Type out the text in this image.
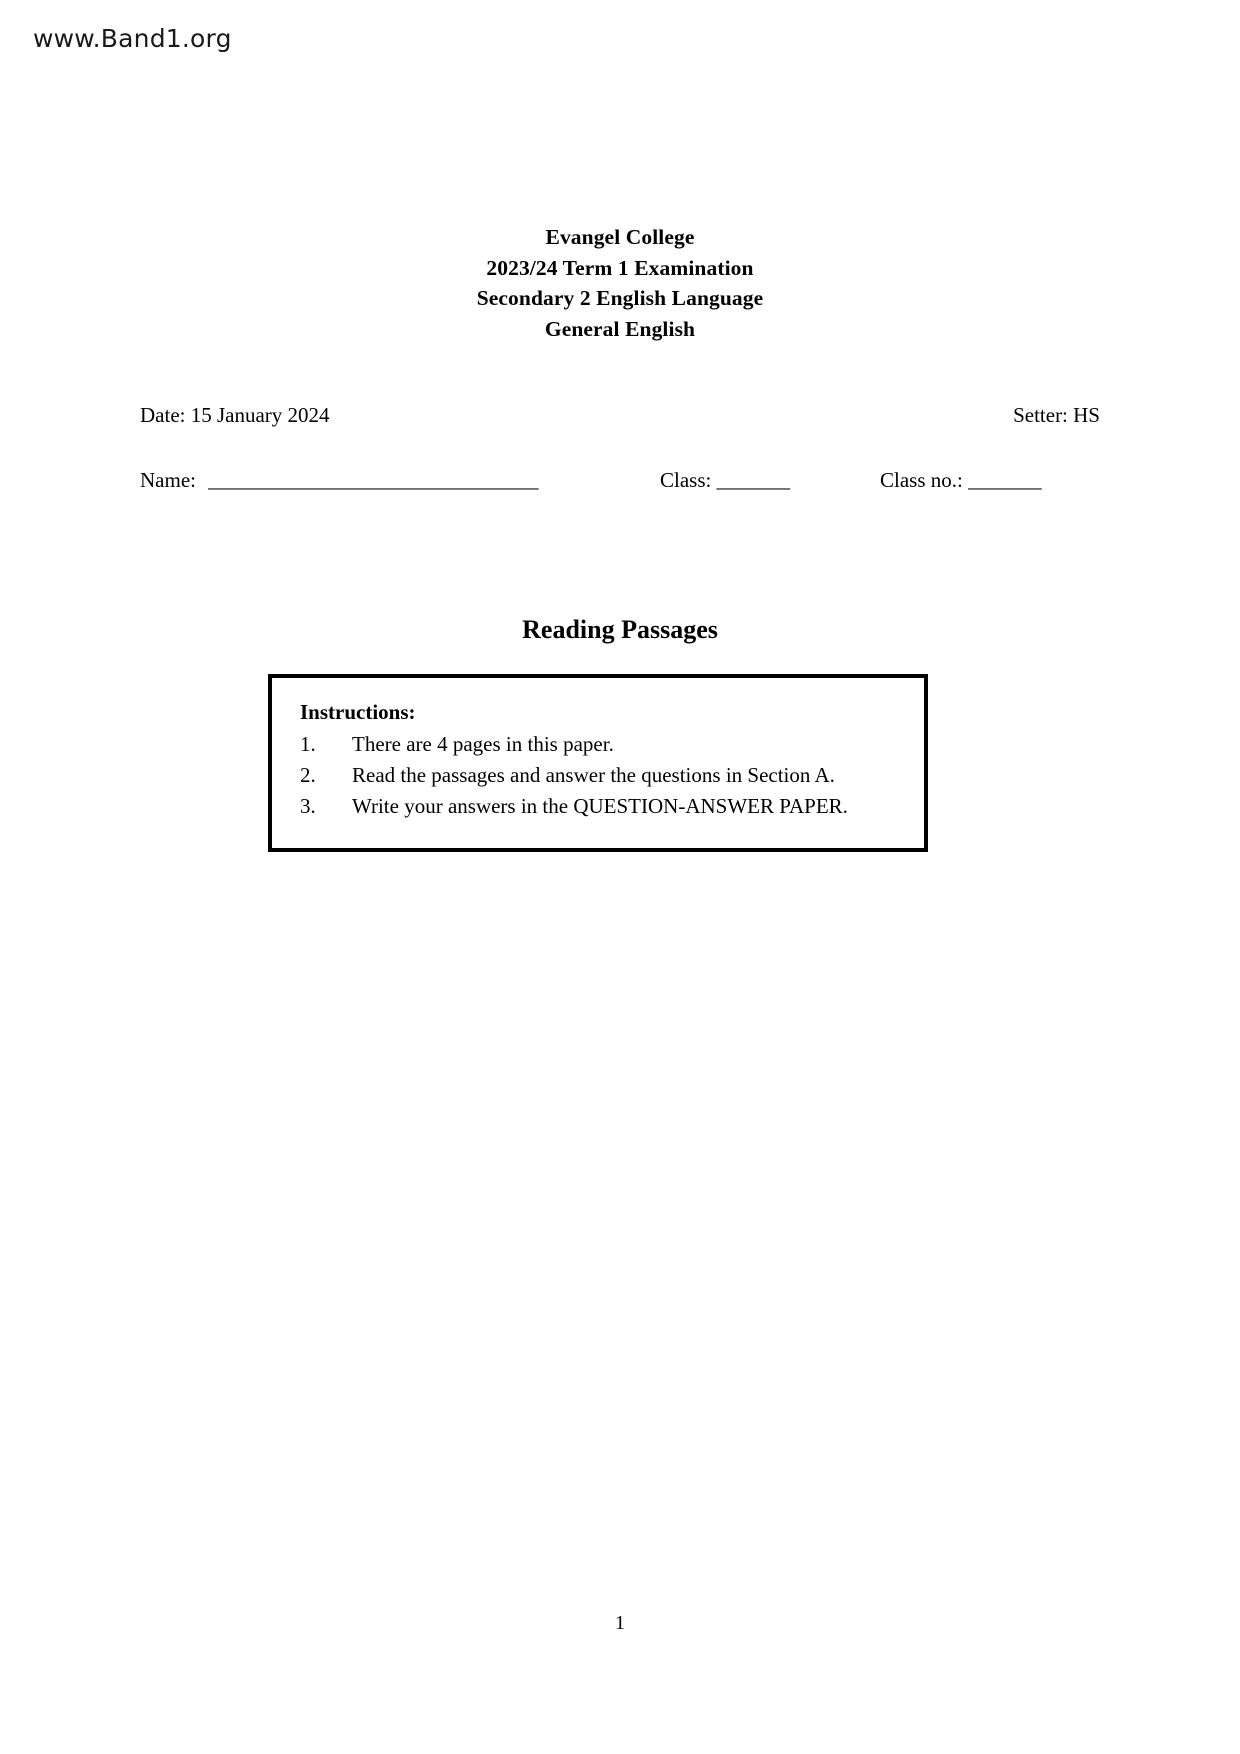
www.Band1.org
Evangel College
2023/24 Term 1 Examination
Secondary 2 English Language
General English
Date: 15 January 2024	Setter: HS
Name: _________________________________	Class: _______	Class no.: _______
Reading Passages
Instructions:
1.	There are 4 pages in this paper.
2.	Read the passages and answer the questions in Section A.
3.	Write your answers in the QUESTION-ANSWER PAPER.
1
